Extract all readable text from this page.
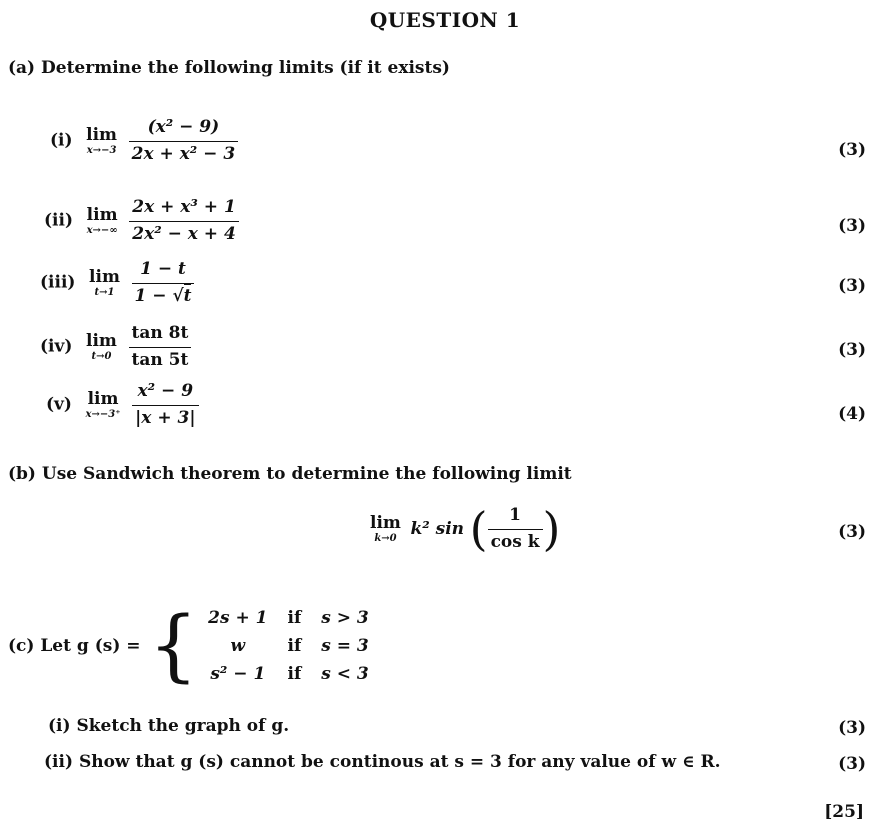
QUESTION 1
(a) Determine the following limits (if it exists)
(i) lim
x→−3
$\frac{\text{(x² − 9)}}{\text{2x + x² − 3}}$	(3)
(ii) lim
x→−∞
$\frac{\text{2x + x³ + 1}}{\text{2x² − x + 4}}$	(3)
(iii) lim
t→1
	$\frac{1 - t}{1 - √t}$	(3)
(iv) lim
t→0
	$\frac{\tan 8t}{\tan 5t}$	(3)
(v) lim
x→−3⁺
$\frac{\text{x² − 9}}{|x + 3|}$	(4)
(b) Use Sandwich theorem to determine the following limit
lim
k→0 k² sin ( $\frac{1}{\text{cos k}}$ )	(3)
(c) Let g (s) = { 2s + 1	if	s > 3
w	if	s = 3
s² − 1	if	s < 3
(i) Sketch the graph of g.	(3)
(ii) Show that g (s) cannot be continous at s = 3 for any value of w ∈ R.	(3)
[25]
